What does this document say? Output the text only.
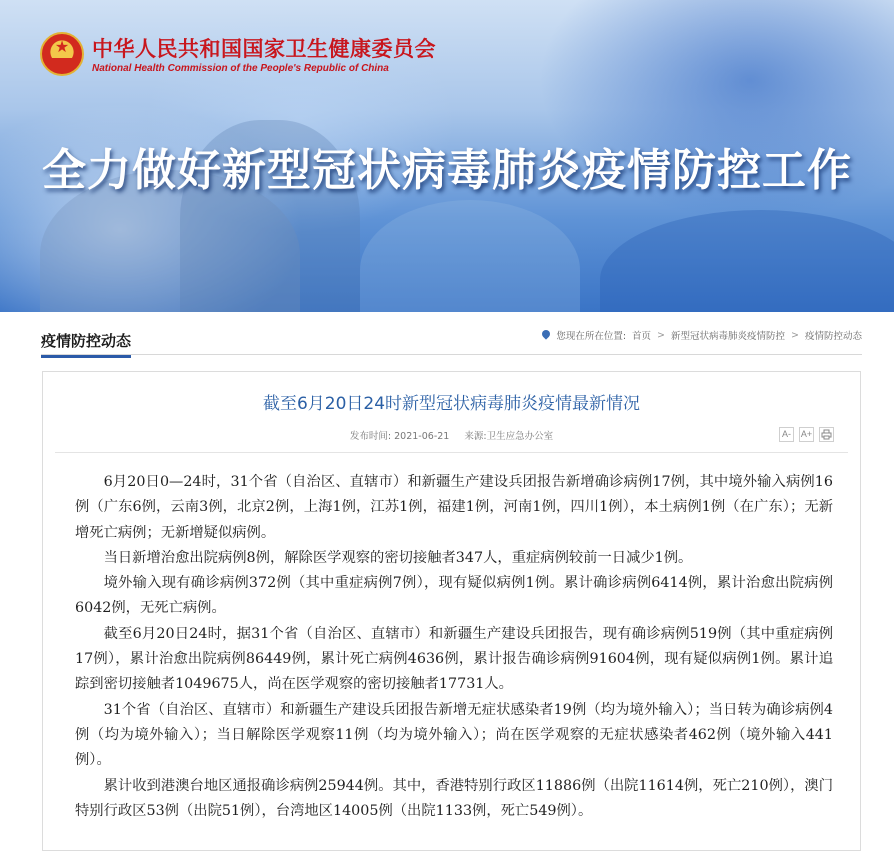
★	中华人民共和国国家卫生健康委员会
National Health Commission of the People's Republic of China
全力做好新型冠状病毒肺炎疫情防控工作
疫情防控动态	您现在所在位置: 首页 > 新型冠状病毒肺炎疫情防控 > 疫情防控动态
截至6月20日24时新型冠状病毒肺炎疫情最新情况
发布时间: 2021-06-21 来源:卫生应急办公室	A-	A+

6月20日0—24时，31个省（自治区、直辖市）和新疆生产建设兵团报告新增确诊病例17例，其中境外输入病例16例（广东6例，云南3例，北京2例，上海1例，江苏1例，福建1例，河南1例，四川1例），本土病例1例（在广东）；无新增死亡病例；无新增疑似病例。

当日新增治愈出院病例8例，解除医学观察的密切接触者347人，重症病例较前一日减少1例。

境外输入现有确诊病例372例（其中重症病例7例），现有疑似病例1例。累计确诊病例6414例，累计治愈出院病例6042例，无死亡病例。

截至6月20日24时，据31个省（自治区、直辖市）和新疆生产建设兵团报告，现有确诊病例519例（其中重症病例17例），累计治愈出院病例86449例，累计死亡病例4636例，累计报告确诊病例91604例，现有疑似病例1例。累计追踪到密切接触者1049675人，尚在医学观察的密切接触者17731人。

31个省（自治区、直辖市）和新疆生产建设兵团报告新增无症状感染者19例（均为境外输入）；当日转为确诊病例4例（均为境外输入）；当日解除医学观察11例（均为境外输入）；尚在医学观察的无症状感染者462例（境外输入441例）。

累计收到港澳台地区通报确诊病例25944例。其中，香港特别行政区11886例（出院11614例，死亡210例），澳门特别行政区53例（出院51例），台湾地区14005例（出院1133例，死亡549例）。
